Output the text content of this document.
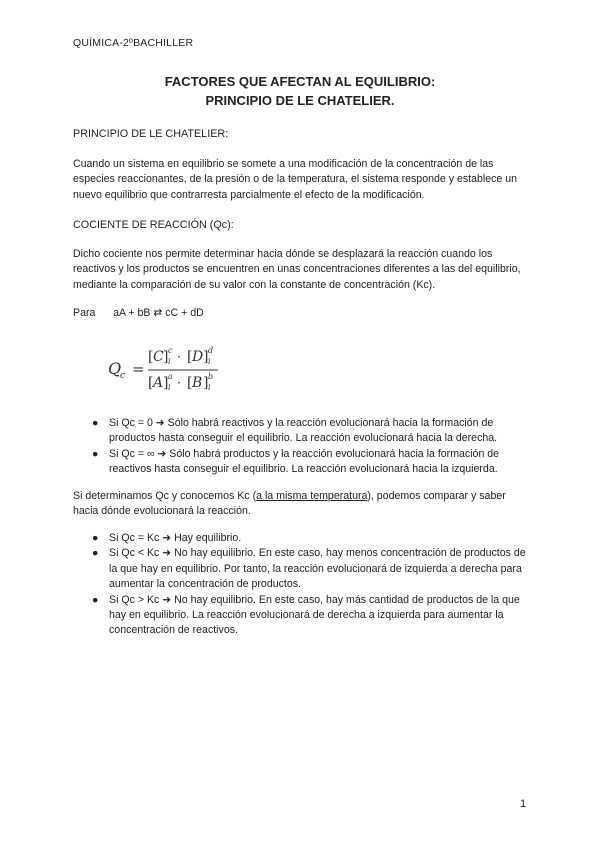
QUÍMICA-2ºBACHILLER
FACTORES QUE AFECTAN AL EQUILIBRIO:
PRINCIPIO DE LE CHATELIER.
PRINCIPIO DE LE CHATELIER:
Cuando un sistema en equilibrio se somete a una modificación de la concentración de las especies reaccionantes, de la presión o de la temperatura, el sistema responde y establece un nuevo equilibrio que contrarresta parcialmente el efecto de la modificación.
COCIENTE DE REACCIÓN (Qc):
Dicho cociente nos permite determinar hacia dónde se desplazará la reacción cuando los reactivos y los productos se encuentren en unas concentraciones diferentes a las del equilibrio, mediante la comparación de su valor con la constante de concentración (Kc).
Para aA + bB ⇄ cC + dD
Q
c =
[ C ] c
i · [ D ] d
i
[ A ] a
i · [ B ] b
i
● Si Qc = 0 ➜ Sólo habrá reactivos y la reacción evolucionará hacia la formación de productos hasta conseguir el equilibrio. La reacción evolucionará hacia la derecha.
● Si Qc = ∞ ➜ Sólo habrá productos y la reacción evolucionará hacia la formación de reactivos hasta conseguir el equilibrio. La reacción evolucionará hacia la izquierda.
Si determinamos Qc y conocemos Kc (a la misma temperatura), podemos comparar y saber hacia dónde evolucionará la reacción.
● Si Qc = Kc ➜ Hay equilibrio.
● Si Qc < Kc ➜ No hay equilibrio. En este caso, hay menos concentración de productos de la que hay en equilibrio. Por tanto, la reacción evolucionará de izquierda a derecha para aumentar la concentración de productos.
● Si Qc > Kc ➜ No hay equilibrio. En este caso, hay más cantidad de productos de la que hay en equilibrio. La reacción evolucionará de derecha a izquierda para aumentar la concentración de reactivos.
1
